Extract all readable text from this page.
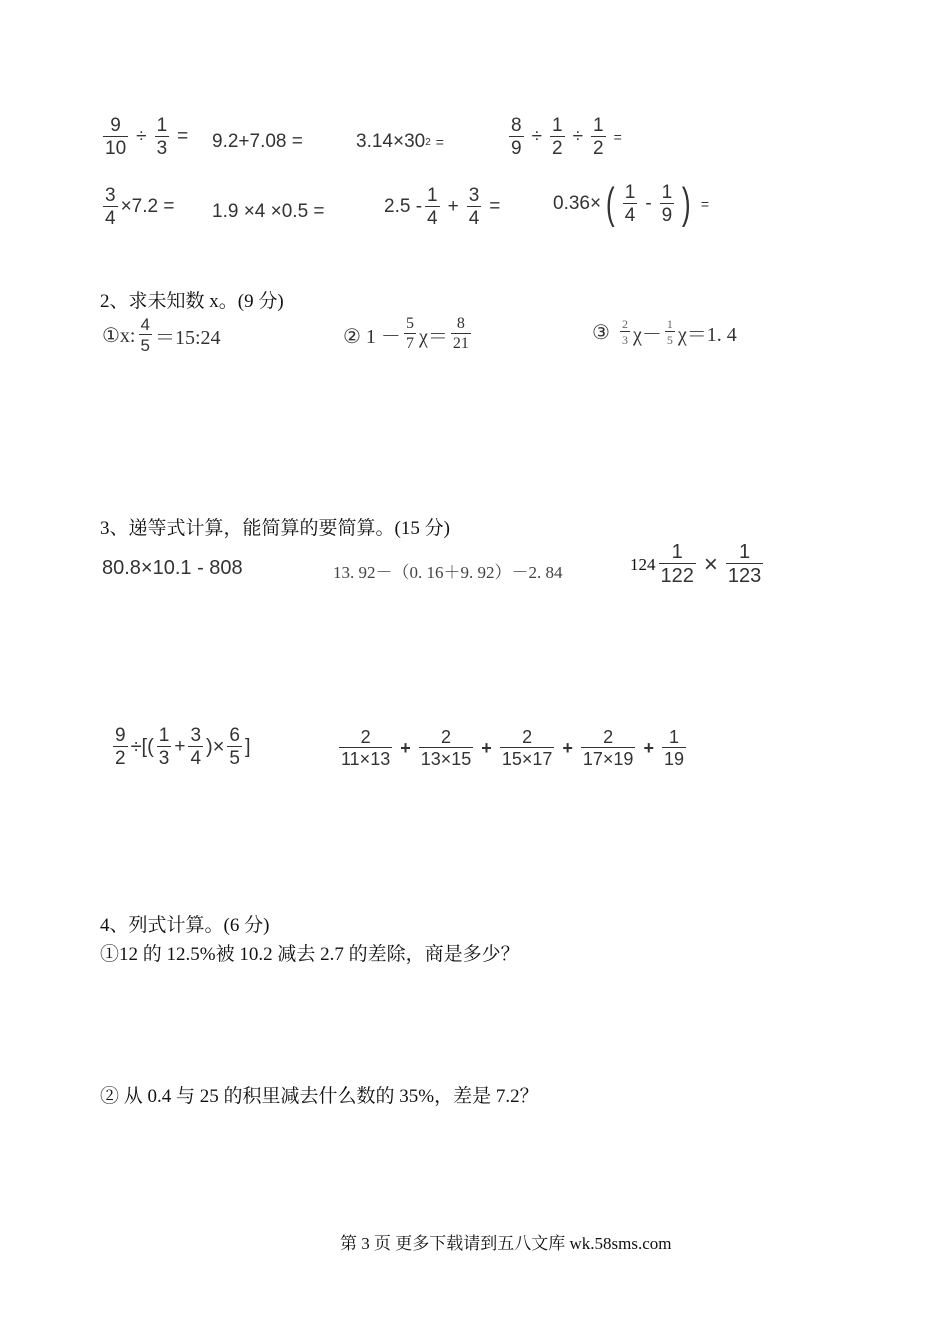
$\frac{9}{10} \div \frac{1}{3} = 9.2+7.08$ =	3.14×30 2 =	$\frac{8}{9} \div \frac{1}{2} \div \frac{1}{2}$ =
$\frac{3}{4} \times 7.2 = 1.9 \times 4 \times 0.5$ =	$2.5 - \frac{1}{4} + \frac{3}{4}$ =	0.36× ( $\frac{1}{4} - \frac{1}{9}$ ) =
2、求未知数 x。(9 分)
①x: $\frac{4}{5}$ ＝15:24	② $1 - \frac{5}{7} \chi= \frac{8}{21}$	③ $\frac{2}{3} \chi- \frac{1}{5} \chi=1$. 4
3、递等式计算，能简算的要简算。(15 分)
80.8×10.1 - 808	13. 92－（0. 16＋9. 92）－2. 84	$124 \frac{1}{122} \times \frac{1}{123}$
$\frac{9}{2}$ ÷[( $\frac{1}{3} + \frac{3}{4}$ )× $\frac{6}{5}$ ]	$\frac{2}{11\times 13} + \frac{2}{13\times 15} + \frac{2}{15\times 17} + \frac{2}{17\times 19} + \frac{1}{19}$
4、列式计算。(6 分)
①12 的 12.5%被 10.2 减去 2.7 的差除，商是多少？
② 从 0.4 与 25 的积里减去什么数的 35%，差是 7.2？
第 3 页 更多下载请到五八文库 wk.58sms.com
